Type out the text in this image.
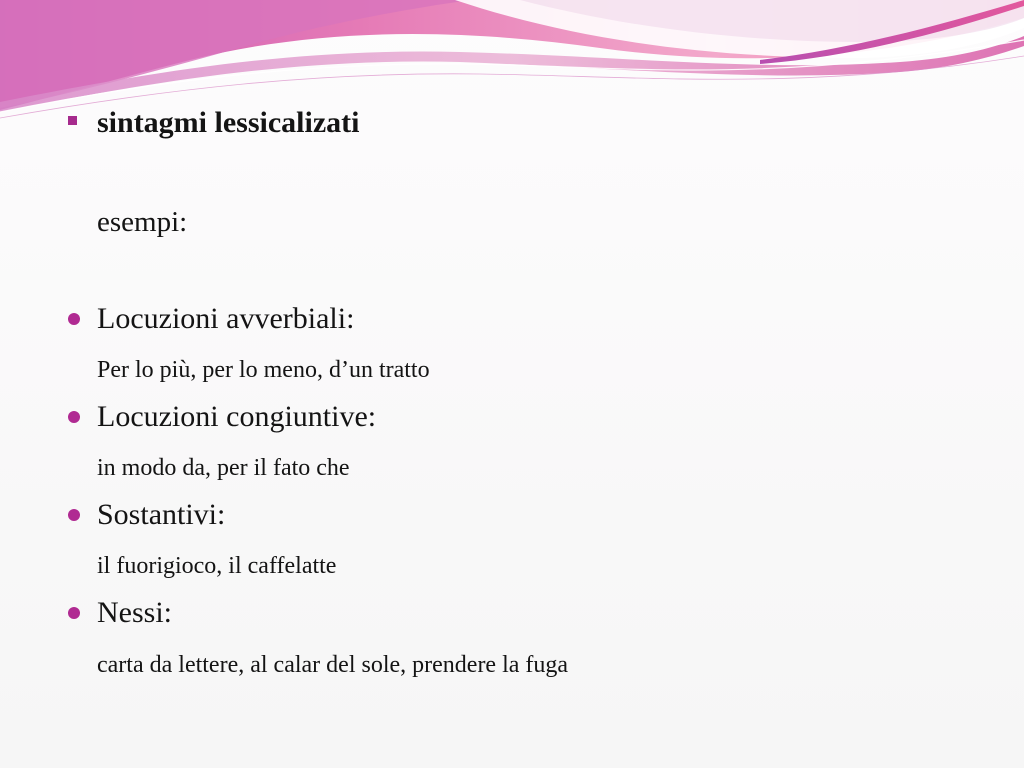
sintagmi lessicalizati
esempi:
Locuzioni avverbiali:
Per lo più, per lo meno, d’un tratto
Locuzioni congiuntive:
in modo da, per il fato che
Sostantivi:
il fuorigioco, il caffelatte
Nessi:
carta da lettere, al calar del sole, prendere la fuga
